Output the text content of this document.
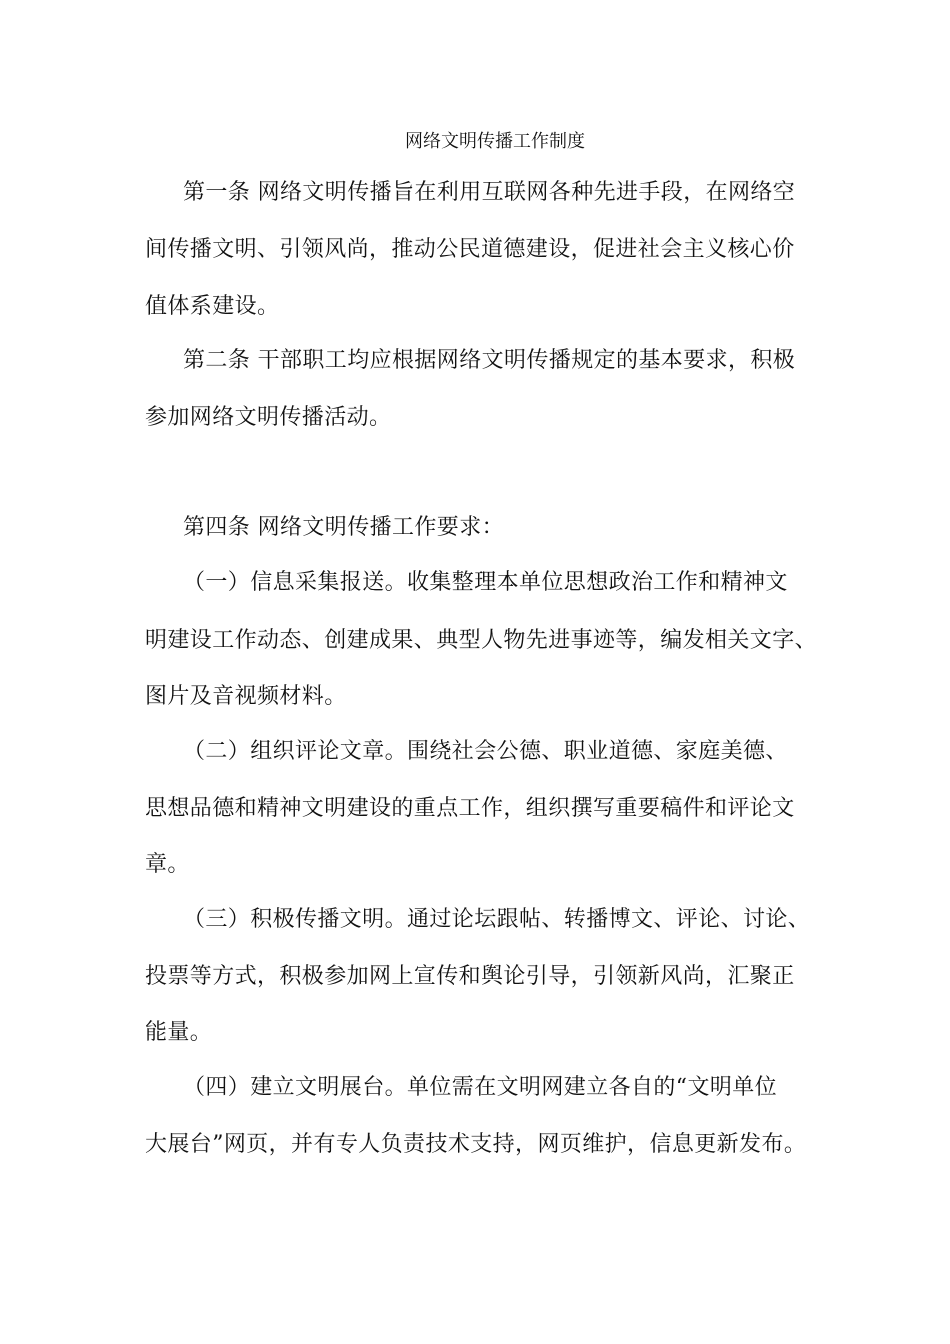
网络文明传播工作制度
第一条 网络文明传播旨在利用互联网各种先进手段，在网络空
间传播文明、引领风尚，推动公民道德建设，促进社会主义核心价
值体系建设。
第二条 干部职工均应根据网络文明传播规定的基本要求，积极
参加网络文明传播活动。
第四条 网络文明传播工作要求：
（一）信息采集报送。收集整理本单位思想政治工作和精神文
明建设工作动态、创建成果、典型人物先进事迹等，编发相关文字、
图片及音视频材料。
（二）组织评论文章。围绕社会公德、职业道德、家庭美德、
思想品德和精神文明建设的重点工作，组织撰写重要稿件和评论文
章。
（三）积极传播文明。通过论坛跟帖、转播博文、评论、讨论、
投票等方式，积极参加网上宣传和舆论引导，引领新风尚，汇聚正
能量。
（四）建立文明展台。单位需在文明网建立各自的“文明单位
大展台”网页，并有专人负责技术支持，网页维护，信息更新发布。
